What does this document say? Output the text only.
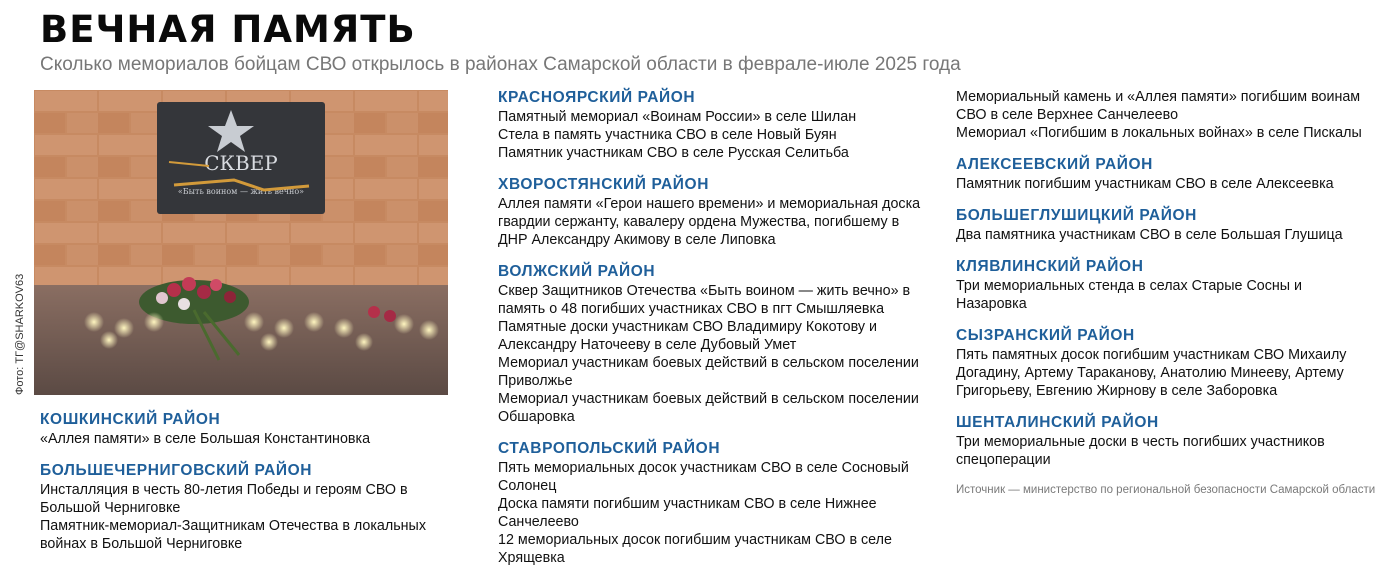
ВЕЧНАЯ ПАМЯТЬ
Сколько мемориалов бойцам СВО открылось в районах Самарской области в феврале-июле 2025 года
СКВЕР
«Быть воином — жить вечно»
Фото: ТГ@SHARKOV63
КОШКИНСКИЙ РАЙОН
«Аллея памяти» в селе Большая Константиновка
БОЛЬШЕЧЕРНИГОВСКИЙ РАЙОН
Инсталляция в честь 80-летия Победы и героям СВО в Большой Черниговке
Памятник-мемориал-Защитникам Отечества в локальных войнах в Большой Черниговке
КРАСНОЯРСКИЙ РАЙОН
Памятный мемориал «Воинам России» в селе Шилан
Стела в память участника СВО в селе Новый Буян
Памятник участникам СВО в селе Русская Селитьба
ХВОРОСТЯНСКИЙ РАЙОН
Аллея памяти «Герои нашего времени» и мемориальная доска гвардии сержанту, кавалеру ордена Мужества, погибшему в ДНР Александру Акимову в селе Липовка
ВОЛЖСКИЙ РАЙОН
Сквер Защитников Отечества «Быть воином — жить вечно» в память о 48 погибших участниках СВО в пгт Смышляевка
Памятные доски участникам СВО Владимиру Кокотову и Александру Наточееву в селе Дубовый Умет
Мемориал участникам боевых действий в сельском поселении Приволжье
Мемориал участникам боевых действий в сельском поселении Обшаровка
СТАВРОПОЛЬСКИЙ РАЙОН
Пять мемориальных досок участникам СВО в селе Сосновый Солонец
Доска памяти погибшим участникам СВО в селе Нижнее Санчелеево
12 мемориальных досок погибшим участникам СВО в селе Хрящевка
Мемориальный камень и «Аллея памяти» погибшим воинам СВО в селе Верхнее Санчелеево
Мемориал «Погибшим в локальных войнах» в селе Пискалы
АЛЕКСЕЕВСКИЙ РАЙОН
Памятник погибшим участникам СВО в селе Алексеевка
БОЛЬШЕГЛУШИЦКИЙ РАЙОН
Два памятника участникам СВО в селе Большая Глушица
КЛЯВЛИНСКИЙ РАЙОН
Три мемориальных стенда в селах Старые Сосны и Назаровка
СЫЗРАНСКИЙ РАЙОН
Пять памятных досок погибшим участникам СВО Михаилу Догадину, Артему Тараканову, Анатолию Минееву, Артему Григорьеву, Евгению Жирнову в селе Заборовка
ШЕНТАЛИНСКИЙ РАЙОН
Три мемориальные доски в честь погибших участников спецоперации
Источник — министерство по региональной безопасности Самарской области
